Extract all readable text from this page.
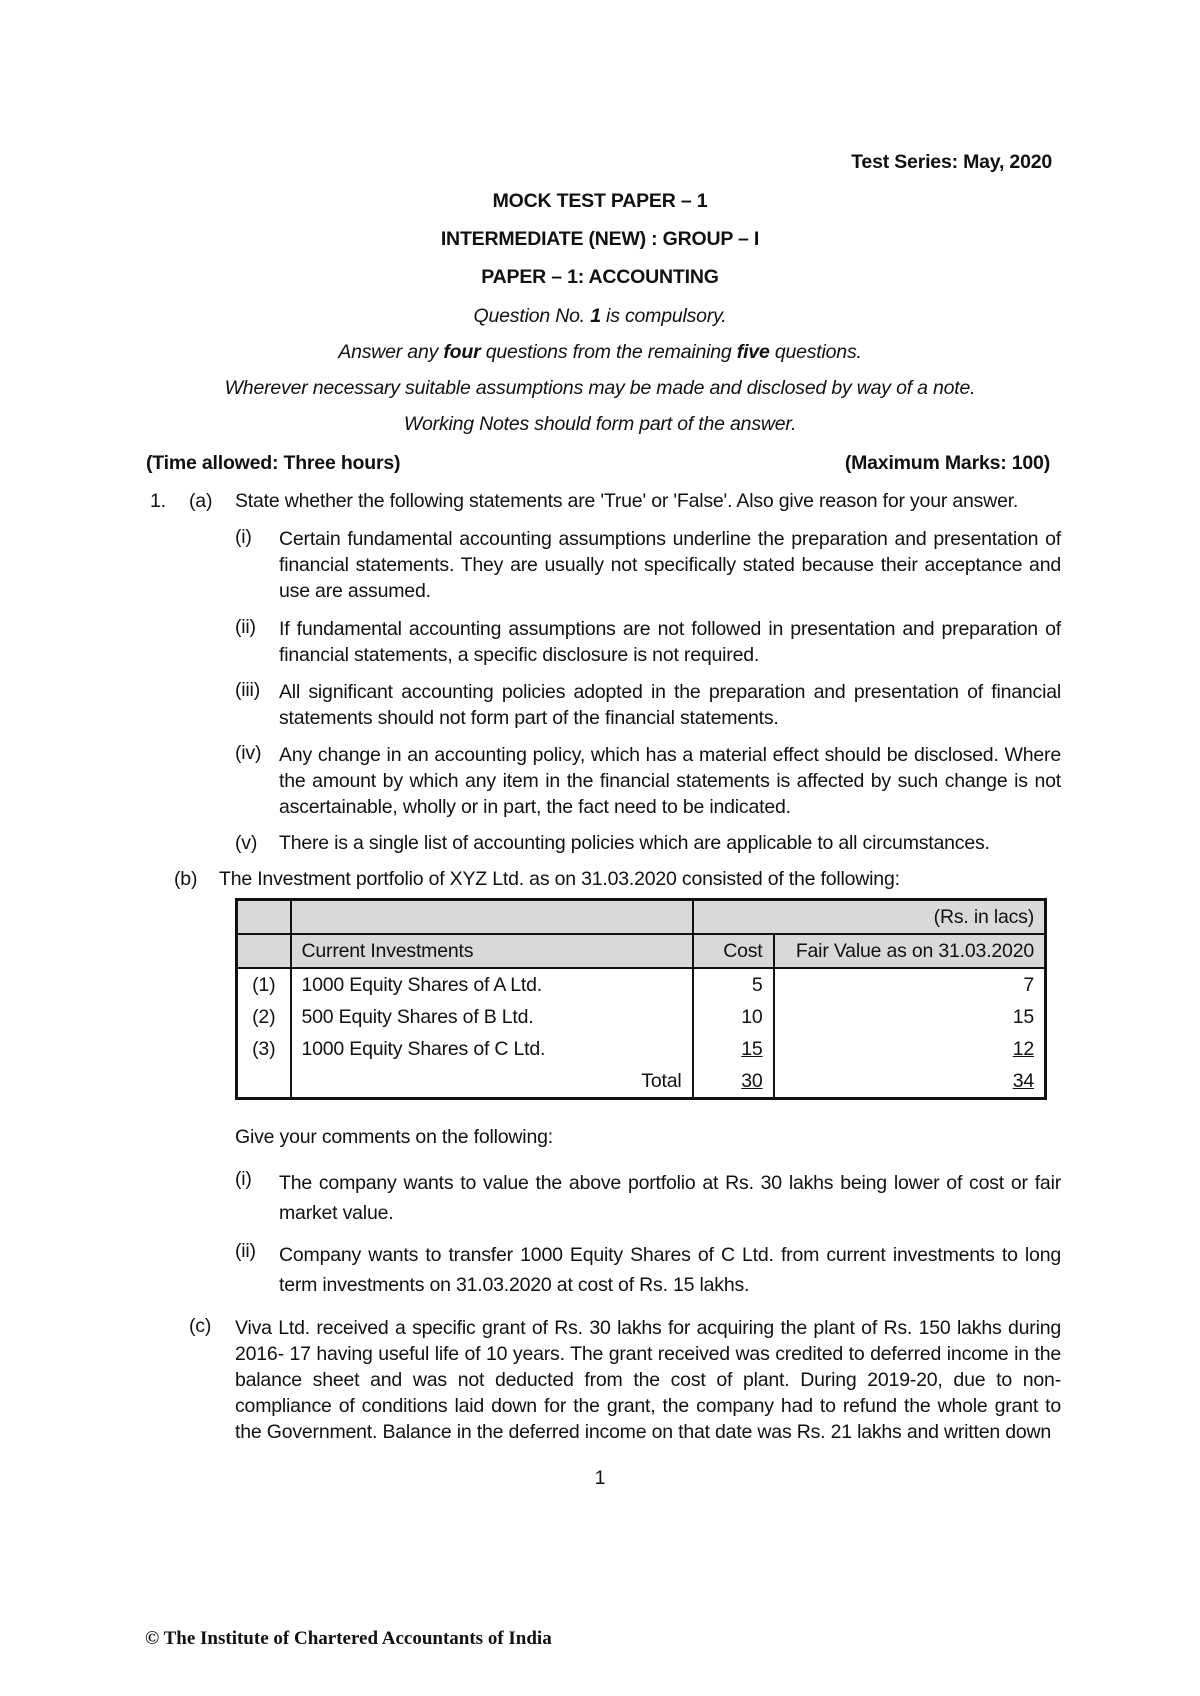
Test Series: May, 2020
MOCK TEST PAPER – 1
INTERMEDIATE (NEW) : GROUP – I
PAPER – 1: ACCOUNTING
Question No. 1 is compulsory.
Answer any four questions from the remaining five questions.
Wherever necessary suitable assumptions may be made and disclosed by way of a note.
Working Notes should form part of the answer.
(Time allowed: Three hours)	(Maximum Marks: 100)
1. (a) State whether the following statements are 'True' or 'False'. Also give reason for your answer.
(i) Certain fundamental accounting assumptions underline the preparation and presentation of financial statements. They are usually not specifically stated because their acceptance and use are assumed.
(ii) If fundamental accounting assumptions are not followed in presentation and preparation of financial statements, a specific disclosure is not required.
(iii) All significant accounting policies adopted in the preparation and presentation of financial statements should not form part of the financial statements.
(iv) Any change in an accounting policy, which has a material effect should be disclosed. Where the amount by which any item in the financial statements is affected by such change is not ascertainable, wholly or in part, the fact need to be indicated.
(v) There is a single list of accounting policies which are applicable to all circumstances.
(b) The Investment portfolio of XYZ Ltd. as on 31.03.2020 consisted of the following:
		(Rs. in lacs)	
	Current Investments	Cost	Fair Value as on 31.03.2020
(1)	1000 Equity Shares of A Ltd.	5	7
(2)	500 Equity Shares of B Ltd.	10	15
(3)	1000 Equity Shares of C Ltd.	15	12
	Total	30	34
Give your comments on the following:
(i) The company wants to value the above portfolio at Rs. 30 lakhs being lower of cost or fair market value.
(ii) Company wants to transfer 1000 Equity Shares of C Ltd. from current investments to long term investments on 31.03.2020 at cost of Rs. 15 lakhs.
(c) Viva Ltd. received a specific grant of Rs. 30 lakhs for acquiring the plant of Rs. 150 lakhs during 2016- 17 having useful life of 10 years. The grant received was credited to deferred income in the balance sheet and was not deducted from the cost of plant. During 2019-20, due to non-compliance of conditions laid down for the grant, the company had to refund the whole grant to the Government. Balance in the deferred income on that date was Rs. 21 lakhs and written down
1
© The Institute of Chartered Accountants of India
